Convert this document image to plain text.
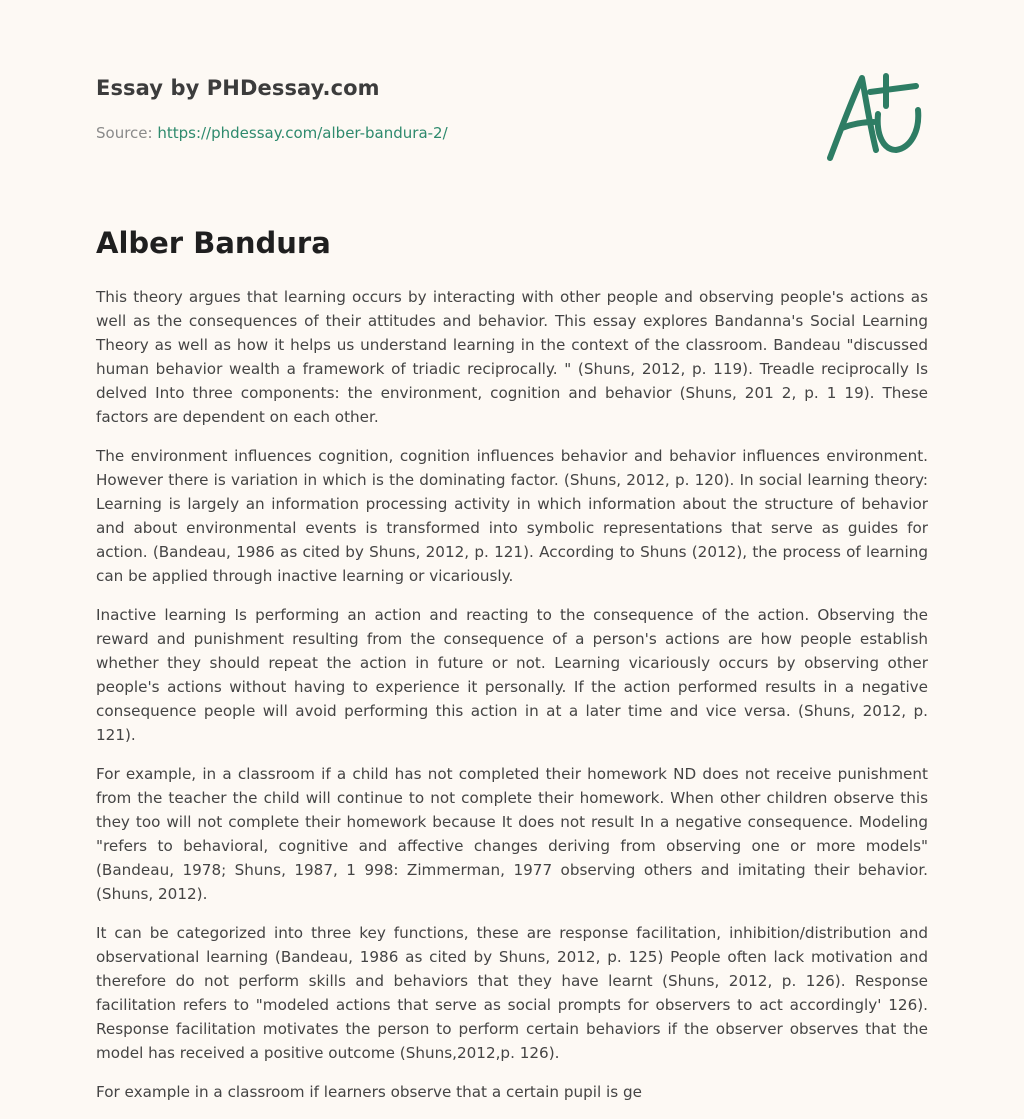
Essay by PHDessay.com
Source: https://phdessay.com/alber-bandura-2/
Alber Bandura

This theory argues that learning occurs by interacting with other people and observing people's actions as well as the consequences of their attitudes and behavior. This essay explores Bandanna's Social Learning Theory as well as how it helps us understand learning in the context of the classroom. Bandeau "discussed human behavior wealth a framework of triadic reciprocally. " (Shuns, 2012, p. 119). Treadle reciprocally Is delved Into three components: the environment, cognition and behavior (Shuns, 201 2, p. 1 19). These factors are dependent on each other.

The environment influences cognition, cognition influences behavior and behavior influences environment. However there is variation in which is the dominating factor. (Shuns, 2012, p. 120). In social learning theory: Learning is largely an information processing activity in which information about the structure of behavior and about environmental events is transformed into symbolic representations that serve as guides for action. (Bandeau, 1986 as cited by Shuns, 2012, p. 121). According to Shuns (2012), the process of learning can be applied through inactive learning or vicariously.

Inactive learning Is performing an action and reacting to the consequence of the action. Observing the reward and punishment resulting from the consequence of a person's actions are how people establish whether they should repeat the action in future or not. Learning vicariously occurs by observing other people's actions without having to experience it personally. If the action performed results in a negative consequence people will avoid performing this action in at a later time and vice versa. (Shuns, 2012, p. 121).

For example, in a classroom if a child has not completed their homework ND does not receive punishment from the teacher the child will continue to not complete their homework. When other children observe this they too will not complete their homework because It does not result In a negative consequence. Modeling "refers to behavioral, cognitive and affective changes deriving from observing one or more models" (Bandeau, 1978; Shuns, 1987, 1 998: Zimmerman, 1977 observing others and imitating their behavior. (Shuns, 2012).

It can be categorized into three key functions, these are response facilitation, inhibition/distribution and observational learning (Bandeau, 1986 as cited by Shuns, 2012, p. 125) People often lack motivation and therefore do not perform skills and behaviors that they have learnt (Shuns, 2012, p. 126). Response facilitation refers to "modeled actions that serve as social prompts for observers to act accordingly' 126). Response facilitation motivates the person to perform certain behaviors if the observer observes that the model has received a positive outcome (Shuns,2012,p. 126).

For example in a classroom if learners observe that a certain pupil is ge
